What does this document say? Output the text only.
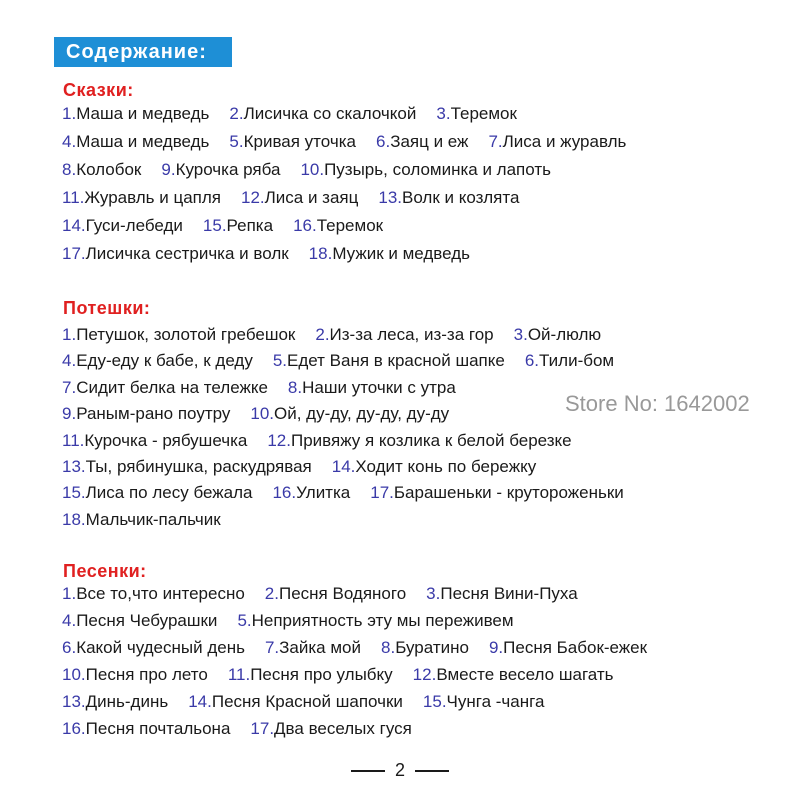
Содержание:
Сказки:
1.Маша и медведь 2.Лисичка со скалочкой 3.Теремок
4.Маша и медведь 5.Кривая уточка 6.Заяц и еж 7.Лиса и журавль
8.Колобок 9.Курочка ряба 10.Пузырь, соломинка и лапоть
11.Журавль и цапля 12.Лиса и заяц 13.Волк и козлята
14.Гуси-лебеди 15.Репка 16.Теремок
17.Лисичка сестричка и волк 18.Мужик и медведь
Потешки:
1.Петушок, золотой гребешок 2.Из-за леса, из-за гор 3.Ой-люлю
4.Еду-еду к бабе, к деду 5.Едет Ваня в красной шапке 6.Тили-бом
7.Сидит белка на тележке 8.Наши уточки с утра
9.Раным-рано поутру 10.Ой, ду-ду, ду-ду, ду-ду
11.Курочка - рябушечка 12.Привяжу я козлика к белой березке
13.Ты, рябинушка, раскудрявая 14.Ходит конь по бережку
15.Лиса по лесу бежала 16.Улитка 17.Барашеньки - крутороженьки
18.Мальчик-пальчик
Песенки:
1.Все то,что интересно 2.Песня Водяного 3.Песня Вини-Пуха
4.Песня Чебурашки 5.Неприятность эту мы переживем
6.Какой чудесный день 7.Зайка мой 8.Буратино 9.Песня Бабок-ежек
10.Песня про лето 11.Песня про улыбку 12.Вместе весело шагать
13.Динь-динь 14.Песня Красной шапочки 15.Чунга -чанга
16.Песня почтальона 17.Два веселых гуся
Store No: 1642002
2
